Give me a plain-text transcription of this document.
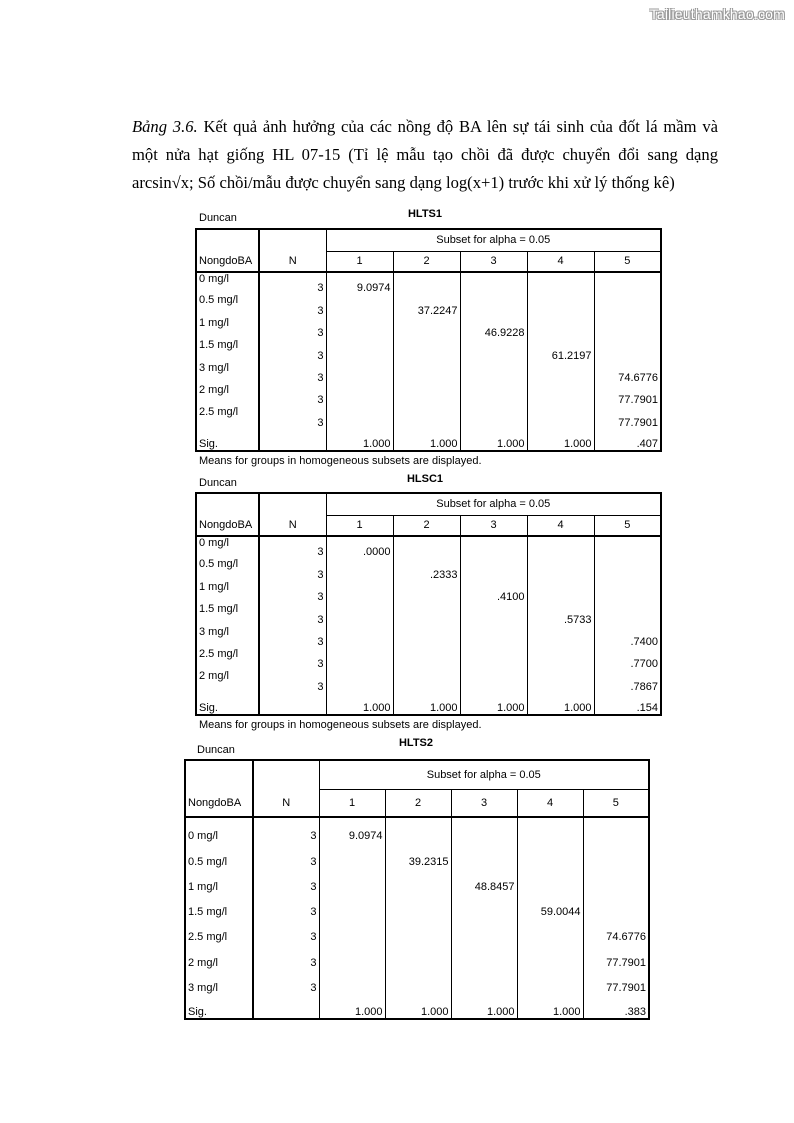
Tailieuthamkhao.com
Bảng 3.6. Kết quả ảnh hưởng của các nồng độ BA lên sự tái sinh của đốt lá mầm và
một nửa hạt giống HL 07-15 (Tỉ lệ mẫu tạo chồi đã được chuyển đổi sang dạng
arcsin√x; Số chồi/mẫu được chuyển sang dạng log(x+1) trước khi xử lý thống kê)
Duncan	HLTS1
		Subset for alpha = 0.05				
NongdoBA	N	1	2	3	4	5
0 mg/l	3	9.0974				
0.5 mg/l	3		37.2247			
1 mg/l	3			46.9228		
1.5 mg/l	3				61.2197	
3 mg/l	3					74.6776
2 mg/l	3					77.7901
2.5 mg/l	3					77.7901
Sig.		1.000	1.000	1.000	1.000	.407
Means for groups in homogeneous subsets are displayed.
Duncan	HLSC1
		Subset for alpha = 0.05				
NongdoBA	N	1	2	3	4	5
0 mg/l	3	.0000				
0.5 mg/l	3		.2333			
1 mg/l	3			.4100		
1.5 mg/l	3				.5733	
3 mg/l	3					.7400
2.5 mg/l	3					.7700
2 mg/l	3					.7867
Sig.		1.000	1.000	1.000	1.000	.154
Means for groups in homogeneous subsets are displayed.
Duncan
HLTS2
		Subset for alpha = 0.05				
NongdoBA	N	1	2	3	4	5
0 mg/l	3	9.0974				
0.5 mg/l	3		39.2315			
1 mg/l	3			48.8457		
1.5 mg/l	3				59.0044	
2.5 mg/l	3					74.6776
2 mg/l	3					77.7901
3 mg/l	3					77.7901
Sig.		1.000	1.000	1.000	1.000	.383
